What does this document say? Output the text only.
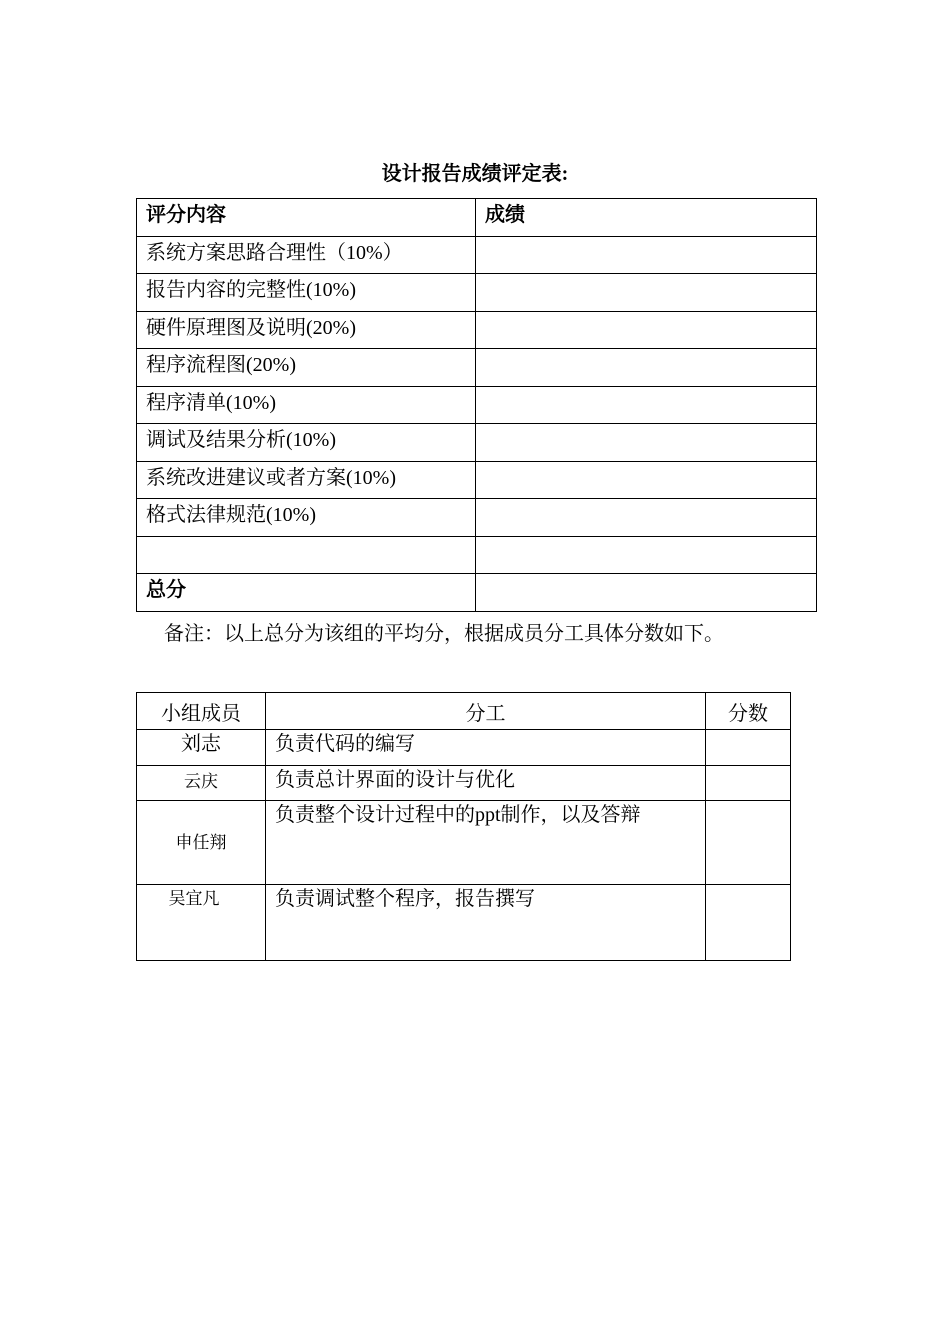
设计报告成绩评定表:
评分内容	成绩
系统方案思路合理性（10%）	
报告内容的完整性(10%)	
硬件原理图及说明(20%)	
程序流程图(20%)	
程序清单(10%)	
调试及结果分析(10%)	
系统改进建议或者方案(10%)	
格式法律规范(10%)	

总分	
备注：以上总分为该组的平均分，根据成员分工具体分数如下。
小组成员	分工	分数
刘志	负责代码的编写	
云庆	负责总计界面的设计与优化	
申任翔	负责整个设计过程中的ppt制作，以及答辩	
吴宜凡	负责调试整个程序，报告撰写	
